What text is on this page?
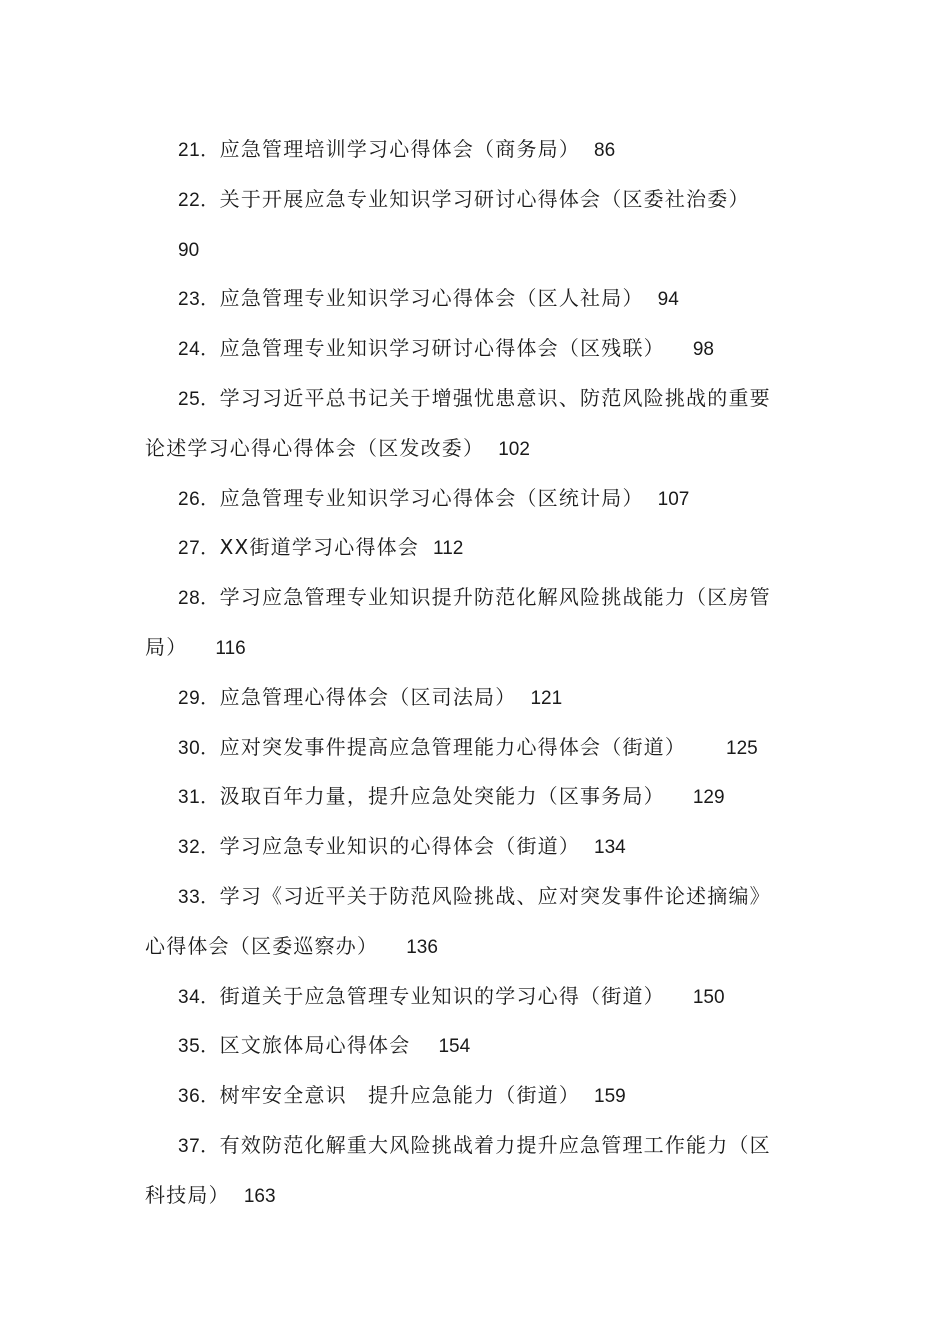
21．应急管理培训学习心得体会（商务局） 86
22．关于开展应急专业知识学习研讨心得体会（区委社治委）
90
23．应急管理专业知识学习心得体会（区人社局） 94
24．应急管理专业知识学习研讨心得体会（区残联） 98
25．学习习近平总书记关于增强忧患意识、防范风险挑战的重要
论述学习心得心得体会（区发改委） 102
26．应急管理专业知识学习心得体会（区统计局） 107
27．XX街道学习心得体会 112
28．学习应急管理专业知识提升防范化解风险挑战能力（区房管
局） 116
29．应急管理心得体会（区司法局） 121
30．应对突发事件提高应急管理能力心得体会（街道） 125
31．汲取百年力量，提升应急处突能力（区事务局） 129
32．学习应急专业知识的心得体会（街道） 134
33．学习《习近平关于防范风险挑战、应对突发事件论述摘编》
心得体会（区委巡察办） 136
34．街道关于应急管理专业知识的学习心得（街道） 150
35．区文旅体局心得体会 154
36．树牢安全意识　提升应急能力（街道） 159
37．有效防范化解重大风险挑战着力提升应急管理工作能力（区
科技局） 163
